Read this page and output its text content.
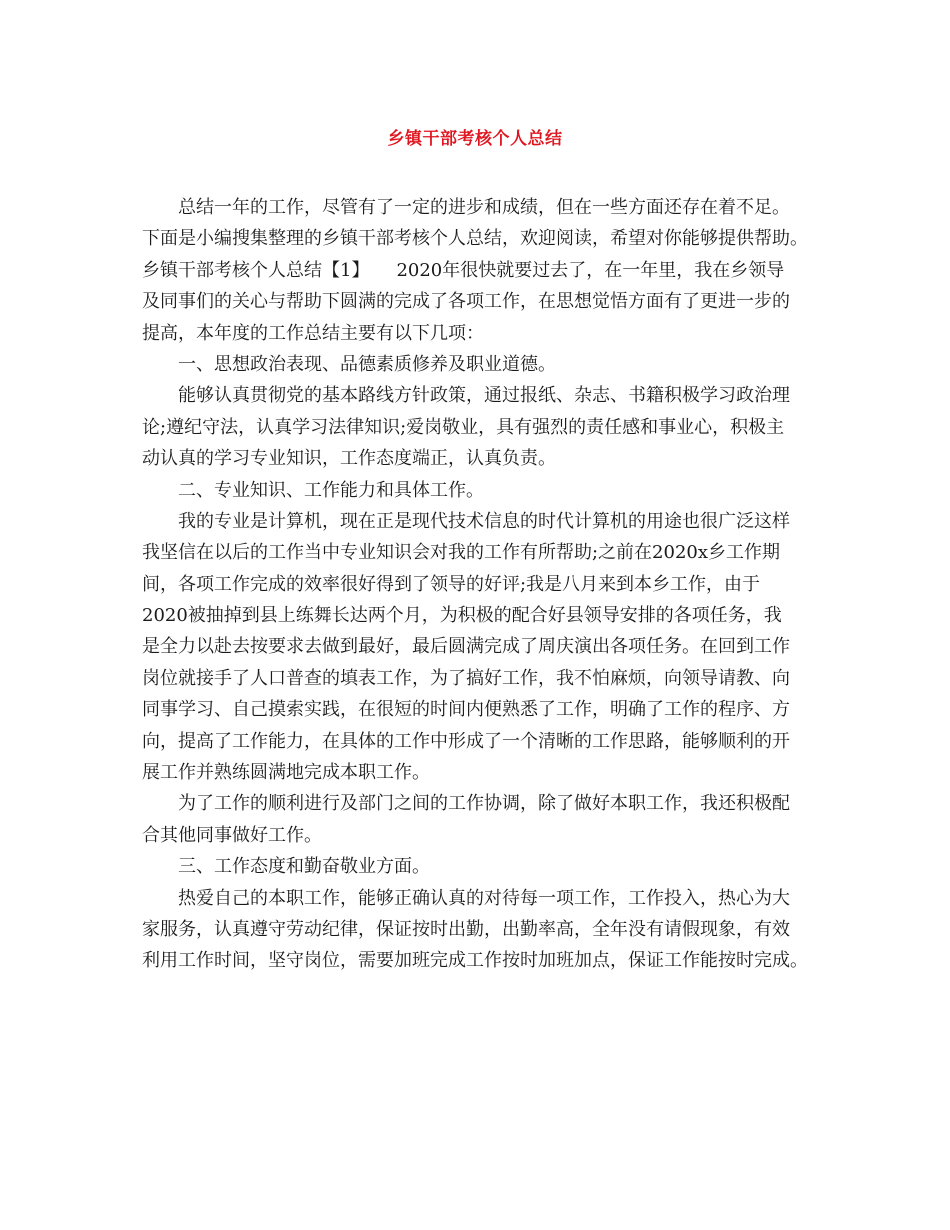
乡镇干部考核个人总结
总结一年的工作，尽管有了一定的进步和成绩，但在一些方面还存在着不足。
下面是小编搜集整理的乡镇干部考核个人总结，欢迎阅读，希望对你能够提供帮助。
乡镇干部考核个人总结【1】　　2020年很快就要过去了，在一年里，我在乡领导
及同事们的关心与帮助下圆满的完成了各项工作，在思想觉悟方面有了更进一步的
提高，本年度的工作总结主要有以下几项：
一、思想政治表现、品德素质修养及职业道德。
能够认真贯彻党的基本路线方针政策，通过报纸、杂志、书籍积极学习政治理
论;遵纪守法，认真学习法律知识;爱岗敬业，具有强烈的责任感和事业心，积极主
动认真的学习专业知识，工作态度端正，认真负责。
二、专业知识、工作能力和具体工作。
我的专业是计算机，现在正是现代技术信息的时代计算机的用途也很广泛这样
我坚信在以后的工作当中专业知识会对我的工作有所帮助;之前在2020x乡工作期
间，各项工作完成的效率很好得到了领导的好评;我是八月来到本乡工作，由于
2020被抽掉到县上练舞长达两个月，为积极的配合好县领导安排的各项任务，我
是全力以赴去按要求去做到最好，最后圆满完成了周庆演出各项任务。在回到工作
岗位就接手了人口普查的填表工作，为了搞好工作，我不怕麻烦，向领导请教、向
同事学习、自己摸索实践，在很短的时间内便熟悉了工作，明确了工作的程序、方
向，提高了工作能力，在具体的工作中形成了一个清晰的工作思路，能够顺利的开
展工作并熟练圆满地完成本职工作。
为了工作的顺利进行及部门之间的工作协调，除了做好本职工作，我还积极配
合其他同事做好工作。
三、工作态度和勤奋敬业方面。
热爱自己的本职工作，能够正确认真的对待每一项工作，工作投入，热心为大
家服务，认真遵守劳动纪律，保证按时出勤，出勤率高，全年没有请假现象，有效
利用工作时间，坚守岗位，需要加班完成工作按时加班加点，保证工作能按时完成。
